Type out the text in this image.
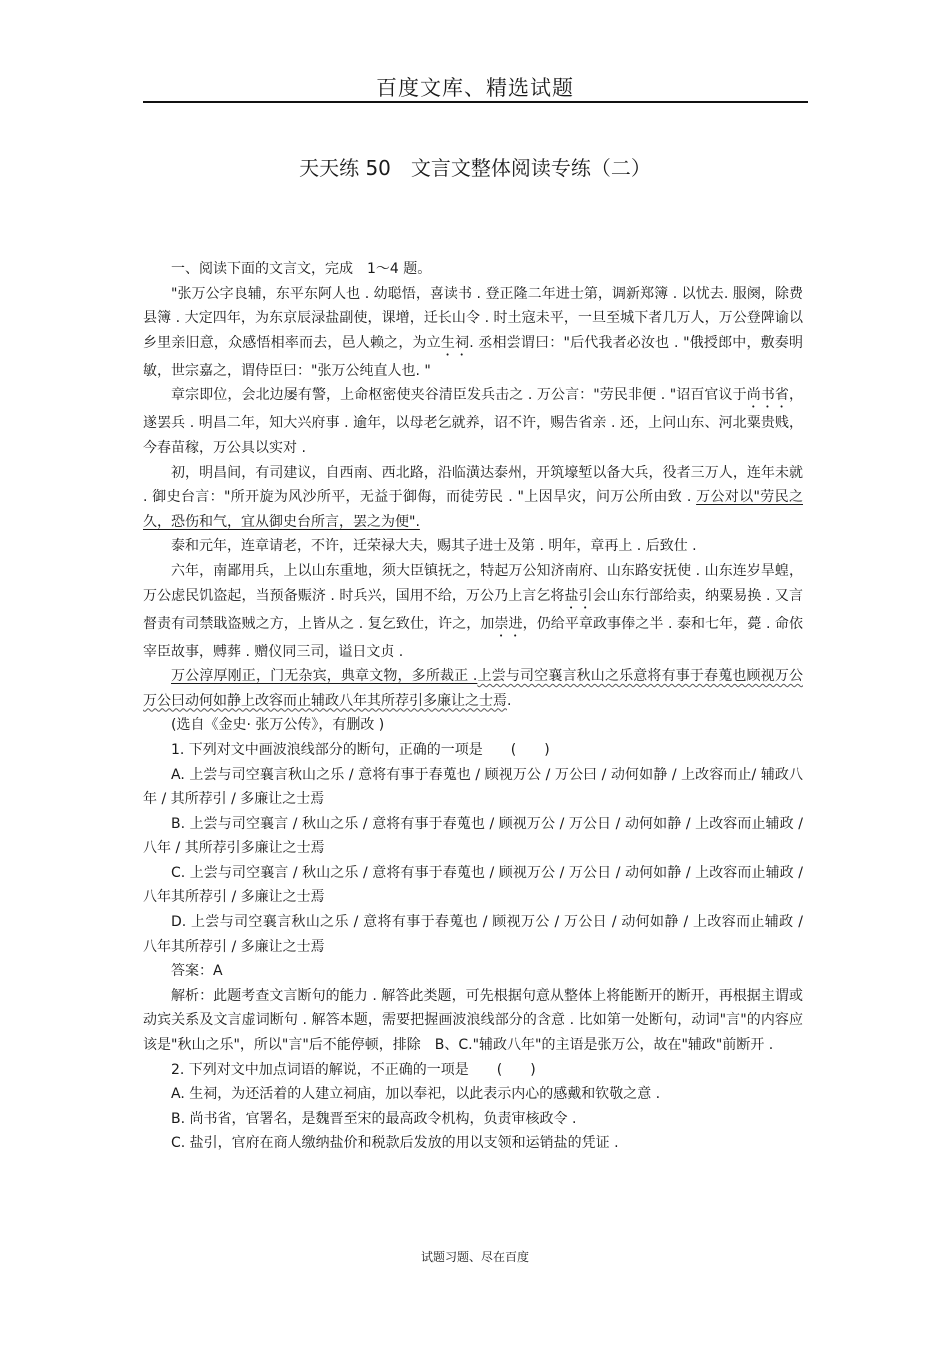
百度文库、精选试题
天天练 50　文言文整体阅读专练（二）

一、阅读下面的文言文，完成　1～4 题。

"张万公字良辅，东平东阿人也 . 幼聪悟，喜读书 . 登正隆二年进士第，调新郑簿 . 以忧去. 服阕，除费县簿 . 大定四年，为东京辰渌盐副使，课增，迁长山令 . 时土寇未平，一旦至城下者几万人，万公登陴谕以乡里亲旧意，众感悟相率而去，邑人赖之，为立生祠. 丞相尝谓曰："后代我者必汝也 . "俄授郎中，敷奏明敏，世宗嘉之，谓侍臣曰："张万公纯直人也. "

章宗即位，会北边屡有警，上命枢密使夹谷清臣发兵击之 . 万公言："劳民非便 . "诏百官议于尚书省，遂罢兵 . 明昌二年，知大兴府事 . 逾年，以母老乞就养，诏不许，赐告省亲 . 还，上问山东、河北粟贵贱，今春苗稼，万公具以实对 .

初，明昌间，有司建议，自西南、西北路，沿临潢达泰州，开筑壕堑以备大兵，役者三万人，连年未就 . 御史台言："所开旋为风沙所平，无益于御侮，而徒劳民 . "上因旱灾，问万公所由致 . 万公对以"劳民之久，恐伤和气，宜从御史台所言，罢之为便".

泰和元年，连章请老，不许，迁荣禄大夫，赐其子进士及第 . 明年，章再上 . 后致仕 .

六年，南鄙用兵，上以山东重地，须大臣镇抚之，特起万公知济南府、山东路安抚使 . 山东连岁旱蝗，万公虑民饥盗起，当预备赈济 . 时兵兴，国用不给，万公乃上言乞将盐引会山东行部给卖，纳粟易换 . 又言督责有司禁戢盗贼之方，上皆从之 . 复乞致仕，许之，加崇进，仍给平章政事俸之半 . 泰和七年，薨 . 命依宰臣故事，赙葬 . 赠仪同三司，谥日文贞 .

万公淳厚刚正，门无杂宾，典章文物，多所裁正 .上尝与司空襄言秋山之乐意将有事于春蒐也顾视万公万公曰动何如静上改容而止辅政八年其所荐引多廉让之士焉.

(选自《金史· 张万公传》，有删改 )

1. 下列对文中画波浪线部分的断句，正确的一项是　　(　　)

A. 上尝与司空襄言秋山之乐 / 意将有事于春蒐也 / 顾视万公 / 万公曰 / 动何如静 / 上改容而止/ 辅政八年 / 其所荐引 / 多廉让之士焉

B. 上尝与司空襄言 / 秋山之乐 / 意将有事于春蒐也 / 顾视万公 / 万公日 / 动何如静 / 上改容而止辅政 / 八年 / 其所荐引多廉让之士焉

C. 上尝与司空襄言 / 秋山之乐 / 意将有事于春蒐也 / 顾视万公 / 万公日 / 动何如静 / 上改容而止辅政 / 八年其所荐引 / 多廉让之士焉

D. 上尝与司空襄言秋山之乐 / 意将有事于春蒐也 / 顾视万公 / 万公日 / 动何如静 / 上改容而止辅政 / 八年其所荐引 / 多廉让之士焉

答案：A

解析：此题考查文言断句的能力 . 解答此类题，可先根据句意从整体上将能断开的断开，再根据主谓或动宾关系及文言虚词断句 . 解答本题，需要把握画波浪线部分的含意 . 比如第一处断句，动词"言"的内容应该是"秋山之乐"，所以"言"后不能停顿，排除　B、C."辅政八年"的主语是张万公，故在"辅政"前断开 .

2. 下列对文中加点词语的解说，不正确的一项是　　(　　)

A. 生祠，为还活着的人建立祠庙，加以奉祀，以此表示内心的感戴和钦敬之意 .

B. 尚书省，官署名，是魏晋至宋的最高政令机构，负责审核政令 .

C. 盐引，官府在商人缴纳盐价和税款后发放的用以支领和运销盐的凭证 .

试题习题、尽在百度
